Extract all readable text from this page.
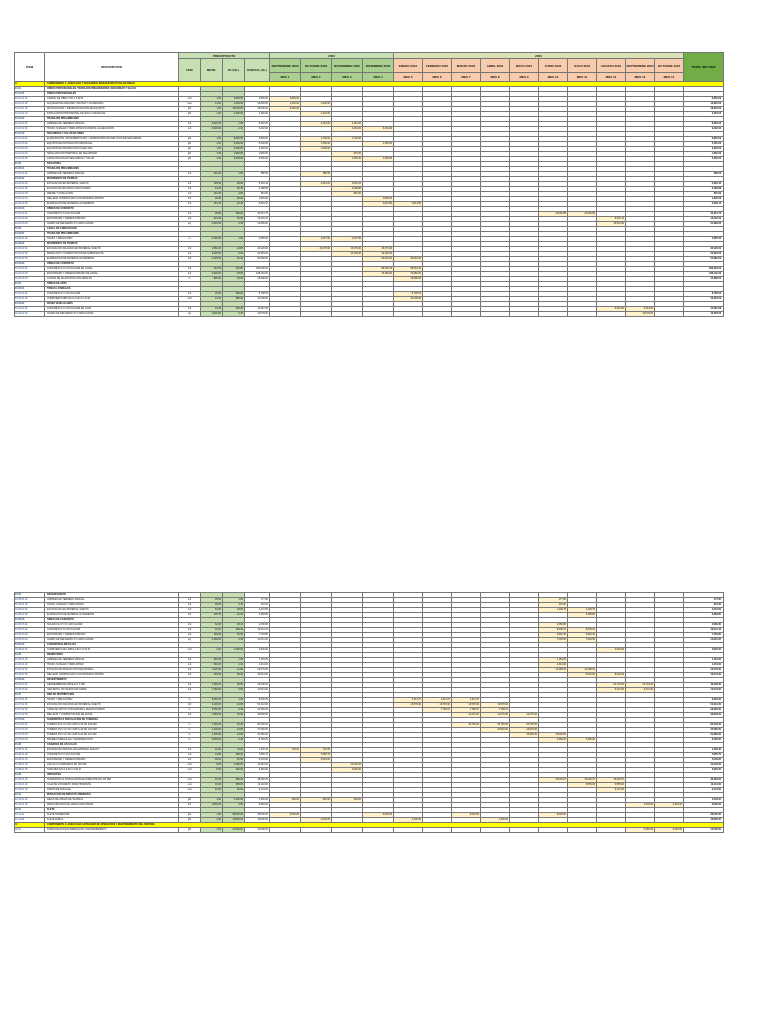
ITEM	DESCRIPCIÓN	PRESUPUESTO				2023				2024										TOTAL SET 2024
		UND	METR.	P.U.(S/.)	PARCIAL (S/.)	SEPTIEMBRE 2023	OCTUBRE 2023	NOVIEMBRE 2023	DICIEMBRE 2023	ENERO 2024	FEBRERO 2024	MARZO 2024	ABRIL 2024	MAYO 2024	JUNIO 2024	JULIO 2024	AGOSTO 2024	SEPTIEMBRE 2024	OCTUBRE 2024	
						MES 1	MES 2	MES 3	MES 4	MES 5	MES 6	MES 7	MES 8	MES 9	MES 10	MES 11	MES 12	MES 13	MES 14	
01	COMPONENTE 1: ADECUADA Y SUFICIENTE INFRAESTRUCTURA DE RIEGO																			
01.01	OBRAS PROVISIONALES, TRABAJOS PRELIMINARES, SEGURIDAD Y SALUD																			
01.01.01	OBRAS PROVISIONALES																			
01.01.01.01	CARTEL DE OBRA 3.60 X 4.80 M	und	1.00	3,850.00	3,850.00	3,850.00														3,850.00
01.01.01.02	ALQUILER DE ALMACÉN, OFICINA Y GUARDIANÍA	mes	14.00	1,200.00	16,800.00	1,200.00	1,200.00													16,800.00
01.01.01.03	MOVILIZACIÓN Y DESMOVILIZACIÓN DE EQUIPOS	glb	1.00	18,500.00	18,500.00	9,250.00														18,500.00
01.01.01.04	INSTALACIÓN PROVISIONAL DE AGUA Y DESAGÜE	glb	1.00	2,400.00	2,400.00		2,400.00													2,400.00
01.01.02	TRABAJOS PRELIMINARES																			
01.01.02.01	LIMPIEZA DE TERRENO MANUAL	m2	4,520.00	1.85	8,362.00		4,181.00	4,181.00												8,362.00
01.01.02.02	TRAZO, NIVELES Y REPLANTEO DURANTE LA EJECUCIÓN	m2	4,520.00	2.10	9,492.00			3,164.00	3,164.00											9,492.00
01.01.03	SEGURIDAD Y SALUD EN OBRA																			
01.01.03.01	ELABORACIÓN, IMPLEMENTACIÓN Y ADMINISTRACIÓN DEL PLAN DE SEGURIDAD	glb	1.00	6,800.00	6,800.00		1,700.00	1,700.00												6,800.00
01.01.03.02	EQUIPOS DE PROTECCIÓN INDIVIDUAL	glb	1.00	5,400.00	5,400.00		1,350.00		1,350.00											5,400.00
01.01.03.03	EQUIPOS DE PROTECCIÓN COLECTIVA	glb	1.00	3,200.00	3,200.00		1,600.00													3,200.00
01.01.03.04	SEÑALIZACIÓN TEMPORAL DE SEGURIDAD	glb	1.00	1,950.00	1,950.00			975.00												1,950.00
01.01.03.05	CAPACITACIÓN EN SEGURIDAD Y SALUD	glb	1.00	2,500.00	2,500.00			1,250.00	1,250.00											2,500.00
01.02	BOCATOMA																			
01.02.01	TRABAJOS PRELIMINARES																			
01.02.01.01	LIMPIEZA DE TERRENO MANUAL	m2	210.00	1.85	388.50		388.50													388.50
01.02.02	MOVIMIENTO DE TIERRAS																			
01.02.02.01	EXCAVACIÓN EN MATERIAL SUELTO	m3	185.40	28.60	5,302.44		2,651.22	2,651.22												5,302.44
01.02.02.02	EXCAVACIÓN EN ROCA FRACTURADA	m3	64.20	96.40	6,188.88			6,188.88												6,188.88
01.02.02.03	REFINE Y NIVELACIÓN	m2	142.00	4.80	681.60			681.60												681.60
01.02.02.04	RELLENO COMPACTADO CON MATERIAL PROPIO	m3	48.30	38.20	1,845.06				1,845.06											1,845.06
01.02.02.05	ELIMINACIÓN DE MATERIAL EXCEDENTE	m3	251.30	22.40	5,629.12				2,814.56	2,814.56										5,629.12
01.02.03	OBRAS DE CONCRETO																			
01.02.03.01	CONCRETO F'C=210 KG/CM2	m3	96.80	468.20	45,321.76										22,660.88	22,660.88				45,321.76
01.02.03.02	ENCOFRADO Y DESENCOFRADO	m2	312.40	52.60	16,432.24												8,216.12			16,432.24
01.02.03.03	ACERO DE REFUERZO FY=4200 KG/CM2	kg	4,820.00	6.45	31,089.00												15,544.50			31,089.00
01.03	CANAL DE CONDUCCIÓN																			
01.03.01	TRABAJOS PRELIMINARES																			
01.03.01.01	TRAZO Y REPLANTEO	m	2,450.00	1.90	4,655.00		2,327.50	2,327.50												4,655.00
01.03.02	MOVIMIENTO DE TIERRAS																			
01.03.02.01	EXCAVACIÓN DE ZANJA EN MATERIAL SUELTO	m3	1,860.00	24.80	46,128.00		15,376.00	15,376.00	15,376.00											46,128.00
01.03.02.02	PERFILADO Y COMPACTACIÓN DE SUBRASANTE	m2	3,920.00	5.20	20,384.00			10,192.00	10,192.00											20,384.00
01.03.02.03	ELIMINACIÓN DE MATERIAL EXCEDENTE	m3	2,325.00	22.40	52,080.00				26,040.00	26,040.00										52,080.00
01.03.03	OBRAS DE CONCRETO																			
01.03.03.01	CONCRETO F'C=175 KG/CM2 EN CANAL	m3	612.50	432.80	265,090.00				88,363.33	88,363.33										265,090.00
01.03.03.02	ENCOFRADO Y DESENCOFRADO DE CANAL	m2	4,900.00	48.60	238,140.00				79,380.00	79,380.00										238,140.00
01.03.03.03	JUNTAS DE DILATACIÓN CON ASFALTO	m	820.00	18.40	15,088.00					15,088.00										15,088.00
01.04	OBRAS DE ARTE																			
01.04.01	TOMAS LATERALES																			
01.04.01.01	CONCRETO F'C=210 KG/CM2	m3	18.60	468.20	8,708.52					8,708.52										8,708.52
01.04.01.02	COMPUERTA METÁLICA 0.40 X 0.40 M	und	12.00	850.00	10,200.00					10,200.00										10,200.00
01.04.02	PASES VEHICULARES																			
01.04.02.01	CONCRETO F'C=210 KG/CM2 EN LOSA	m3	22.40	468.20	10,487.68												5,243.84	5,243.84		10,487.68
01.04.02.02	ACERO DE REFUERZO FY=4200 KG/CM2	kg	1,640.00	6.45	10,578.00													10,578.00		10,578.00
01.05	DESARENADOR																			
01.05.01.01	LIMPIEZA DE TERRENO MANUAL	m2	96.00	1.85	177.60										177.60					177.60
01.05.01.02	TRAZO, NIVELES Y REPLANTEO	m2	96.00	2.10	201.60										201.60					201.60
01.05.02.01	EXCAVACIÓN EN MATERIAL SUELTO	m3	84.60	28.60	2,419.56										1,209.78	1,209.78				2,419.56
01.05.02.02	ELIMINACIÓN DE MATERIAL EXCEDENTE	m3	105.75	22.40	2,368.80											2,368.80				2,368.80
01.05.03	OBRAS DE CONCRETO																			
01.05.03.01	SOLADO E=4" F'C=100 KG/CM2	m2	62.00	38.40	2,380.80										2,380.80					2,380.80
01.05.03.02	CONCRETO F'C=210 KG/CM2	m3	34.20	468.20	16,012.44										8,006.22	8,006.22				16,012.44
01.05.03.03	ENCOFRADO Y DESENCOFRADO	m2	148.00	52.60	7,784.80										3,892.40	3,892.40				7,784.80
01.05.03.04	ACERO DE REFUERZO FY=4200 KG/CM2	kg	2,180.00	6.45	14,061.00										7,030.50	7,030.50				14,061.00
01.05.04	CARPINTERÍA METÁLICA																			
01.05.04.01	COMPUERTA DE LIMPIA 0.60 X 0.60 M	und	2.00	1,450.00	2,900.00												2,900.00			2,900.00
01.06	RESERVORIO																			
01.06.01.01	LIMPIEZA DE TERRENO MANUAL	m2	640.00	1.85	1,184.00										1,184.00					1,184.00
01.06.01.02	TRAZO, NIVELES Y REPLANTEO	m2	640.00	2.10	1,344.00										1,344.00					1,344.00
01.06.02.01	EXCAVACIÓN MASIVA CON MAQUINARIA	m3	1,920.00	12.80	24,576.00										12,288.00	12,288.00				24,576.00
01.06.02.02	RELLENO COMPACTADO CON MATERIAL PROPIO	m3	420.00	38.20	16,044.00											8,022.00	8,022.00			16,044.00
01.06.03	REVESTIMIENTO																			
01.06.03.01	GEOMEMBRANA HDPE E=1.5 MM	m2	1,280.00	38.60	49,408.00												24,704.00	24,704.00		49,408.00
01.06.03.02	GEOTEXTIL NO TEJIDO 200 GR/M2	m2	1,280.00	9.80	12,544.00												6,272.00	6,272.00		12,544.00
01.07	RED DE DISTRIBUCIÓN																			
01.07.01.01	TRAZO Y REPLANTEO	m	3,650.00	1.90	6,935.00					2,311.67	2,311.67	2,311.67								6,935.00
01.07.02.01	EXCAVACIÓN DE ZANJA EN MATERIAL SUELTO	m3	2,190.00	24.80	54,312.00					13,578.00	13,578.00	13,578.00	13,578.00							54,312.00
01.07.02.02	CAMA DE APOYO CON MATERIAL SELECCIONADO	m	3,650.00	6.40	23,360.00						7,786.67	7,786.67	7,786.67							23,360.00
01.07.02.03	RELLENO Y COMPACTACIÓN DE ZANJA	m3	1,980.00	18.60	36,828.00							12,276.00	12,276.00	12,276.00						36,828.00
01.07.03	SUMINISTRO E INSTALACIÓN DE TUBERÍAS																			
01.07.03.01	TUBERÍA PVC UF ISO 4435 S-20 DN 200 MM	m	1,250.00	64.20	80,250.00							26,750.00	26,750.00	26,750.00						80,250.00
01.07.03.02	TUBERÍA PVC UF ISO 4435 S-20 DN 160 MM	m	1,100.00	42.80	47,080.00								23,540.00	23,540.00						47,080.00
01.07.03.03	TUBERÍA PVC UF ISO 4435 S-20 DN 110 MM	m	1,300.00	24.60	31,980.00									15,990.00	15,990.00					31,980.00
01.07.03.04	PRUEBA HIDRÁULICA Y DESINFECCIÓN	m	3,650.00	2.40	8,760.00										4,380.00	4,380.00				8,760.00
01.08	CÁMARAS DE VÁLVULAS																			
01.08.01.01	EXCAVACIÓN MANUAL EN MATERIAL SUELTO	m3	42.00	34.20	1,436.40	718.20	718.20													1,436.40
01.08.01.02	CONCRETO F'C=210 KG/CM2	m3	16.80	468.20	7,865.76		7,865.76													7,865.76
01.08.01.03	ENCOFRADO Y DESENCOFRADO	m2	96.00	52.60	5,049.60		5,049.60													5,049.60
01.08.01.04	VÁLVULA COMPUERTA DN 160 MM	und	8.00	1,280.00	10,240.00			10,240.00												10,240.00
01.08.01.05	TAPA METÁLICA 0.80 X 0.80 M	und	8.00	420.00	3,360.00			3,360.00												3,360.00
01.09	HIDRANTES																			
01.09.01.01	SUMINISTRO E INSTALACIÓN DE HIDRANTE DN 110 MM	und	46.00	980.00	45,080.00										15,026.67	15,026.67	15,026.67			45,080.00
01.09.01.02	CAJA DE CONCRETO PARA HIDRANTE	und	46.00	285.00	13,110.00											6,555.00	6,555.00			13,110.00
01.09.01.03	DADOS DE ANCLAJE	und	64.00	96.00	6,144.00												6,144.00			6,144.00
01.10	MITIGACIÓN DE IMPACTO AMBIENTAL																			
01.10.01.01	RIEGO DE ZONAS DE TRABAJO	glb	1.00	4,200.00	4,200.00	600.00	600.00	600.00												4,200.00
01.10.01.02	RESTAURACIÓN DE ÁREAS AFECTADAS	m2	1,850.00	3.60	6,660.00													3,330.00	3,330.00	6,660.00
01.11	FLETE																			
01.11.01	FLETE TERRESTRE	glb	1.00	38,500.00	38,500.00	9,625.00			9,625.00			9,625.00			9,625.00					38,500.00
01.11.02	FLETE RURAL	glb	1.00	16,800.00	16,800.00		4,200.00			4,200.00			4,200.00							16,800.00
02	COMPONENTE 2: ADECUADA CAPACIDAD DE OPERACIÓN Y MANTENIMIENTO DEL SISTEMA																			
02.01	CAPACITACIÓN EN OPERACIÓN Y MANTENIMIENTO	glb	1.00	12,500.00	12,500.00													6,250.00	6,250.00	12,500.00
